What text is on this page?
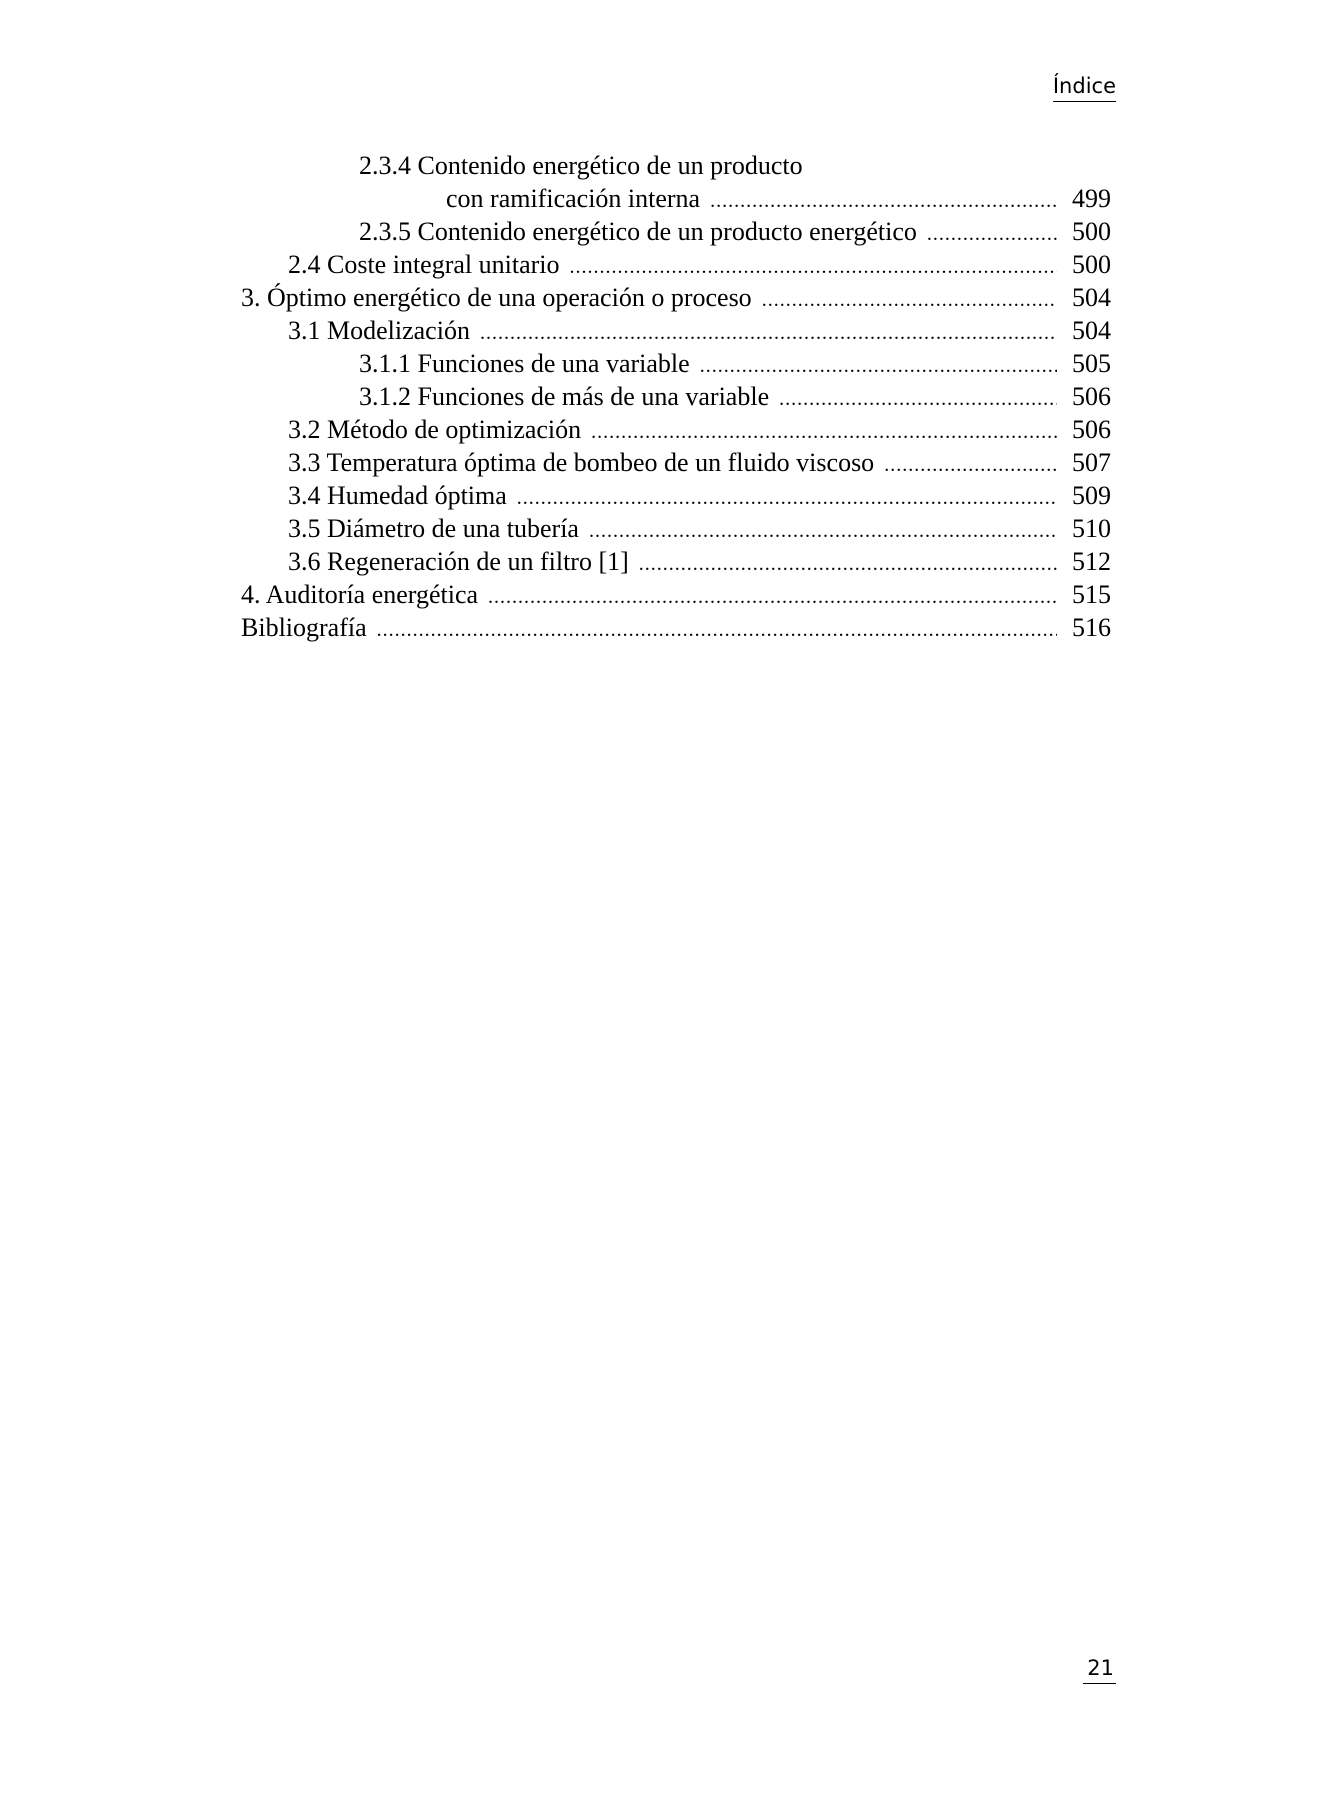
Índice
2.3.4 Contenido energético de un producto
con ramificación interna .....	499
2.3.5 Contenido energético de un producto energético .....	500
2.4 Coste integral unitario .....	500
3. Óptimo energético de una operación o proceso .....	504
3.1 Modelización .....	504
3.1.1 Funciones de una variable .....	505
3.1.2 Funciones de más de una variable .....	506
3.2 Método de optimización .....	506
3.3 Temperatura óptima de bombeo de un fluido viscoso .....	507
3.4 Humedad óptima .....	509
3.5 Diámetro de una tubería .....	510
3.6 Regeneración de un filtro [1] .....	512
4. Auditoría energética .....	515
Bibliografía .....	516
21
